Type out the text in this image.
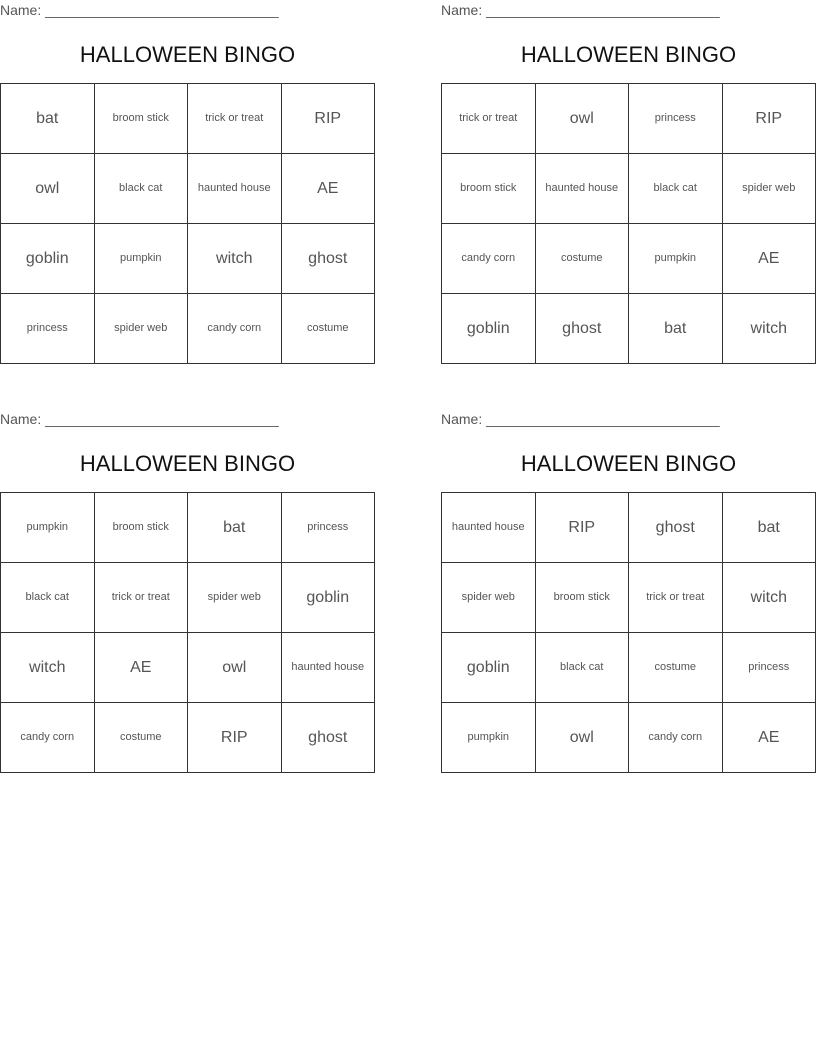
Name: ______________________________
HALLOWEEN BINGO
bat	broom stick	trick or treat	RIP
owl	black cat	haunted house	AE
goblin	pumpkin	witch	ghost
princess	spider web	candy corn	costume
Name: ______________________________
HALLOWEEN BINGO
trick or treat	owl	princess	RIP
broom stick	haunted house	black cat	spider web
candy corn	costume	pumpkin	AE
goblin	ghost	bat	witch
Name: ______________________________
HALLOWEEN BINGO
pumpkin	broom stick	bat	princess
black cat	trick or treat	spider web	goblin
witch	AE	owl	haunted house
candy corn	costume	RIP	ghost
Name: ______________________________
HALLOWEEN BINGO
haunted house	RIP	ghost	bat
spider web	broom stick	trick or treat	witch
goblin	black cat	costume	princess
pumpkin	owl	candy corn	AE
